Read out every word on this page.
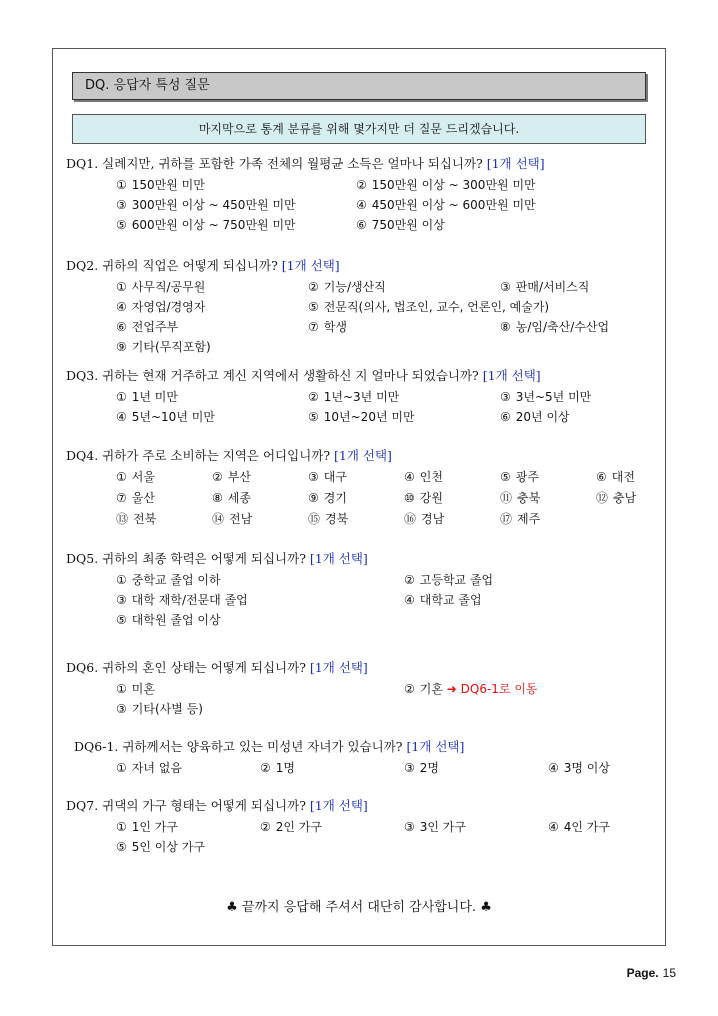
DQ. 응답자 특성 질문
마지막으로 통계 분류를 위해 몇가지만 더 질문 드리겠습니다.
DQ1. 실례지만, 귀하를 포함한 가족 전체의 월평균 소득은 얼마나 되십니까? [1개 선택]
① 150만원 미만	② 150만원 이상 ~ 300만원 미만
③ 300만원 이상 ~ 450만원 미만	④ 450만원 이상 ~ 600만원 미만
⑤ 600만원 이상 ~ 750만원 미만	⑥ 750만원 이상
DQ2. 귀하의 직업은 어떻게 되십니까? [1개 선택]
① 사무직/공무원	② 기능/생산직	③ 판매/서비스직
④ 자영업/경영자	⑤ 전문직(의사, 법조인, 교수, 언론인, 예술가)
⑥ 전업주부	⑦ 학생	⑧ 농/임/축산/수산업
⑨ 기타(무직포함)
DQ3. 귀하는 현재 거주하고 계신 지역에서 생활하신 지 얼마나 되었습니까? [1개 선택]
① 1년 미만	② 1년~3년 미만	③ 3년~5년 미만
④ 5년~10년 미만	⑤ 10년~20년 미만	⑥ 20년 이상
DQ4. 귀하가 주로 소비하는 지역은 어디입니까? [1개 선택]
① 서울	② 부산	③ 대구	④ 인천	⑤ 광주	⑥ 대전
⑦ 울산	⑧ 세종	⑨ 경기	⑩ 강원	⑪ 충북	⑫ 충남
⑬ 전북	⑭ 전남	⑮ 경북	⑯ 경남	⑰ 제주
DQ5. 귀하의 최종 학력은 어떻게 되십니까? [1개 선택]
① 중학교 졸업 이하	② 고등학교 졸업
③ 대학 재학/전문대 졸업	④ 대학교 졸업
⑤ 대학원 졸업 이상
DQ6. 귀하의 혼인 상태는 어떻게 되십니까? [1개 선택]
① 미혼	② 기혼 ➜ DQ6-1로 이동
③ 기타(사별 등)
DQ6-1. 귀하께서는 양육하고 있는 미성년 자녀가 있습니까? [1개 선택]
① 자녀 없음	② 1명	③ 2명	④ 3명 이상
DQ7. 귀댁의 가구 형태는 어떻게 되십니까? [1개 선택]
① 1인 가구	② 2인 가구	③ 3인 가구	④ 4인 가구
⑤ 5인 이상 가구
♣ 끝까지 응답해 주셔서 대단히 감사합니다. ♣
Page. 15
